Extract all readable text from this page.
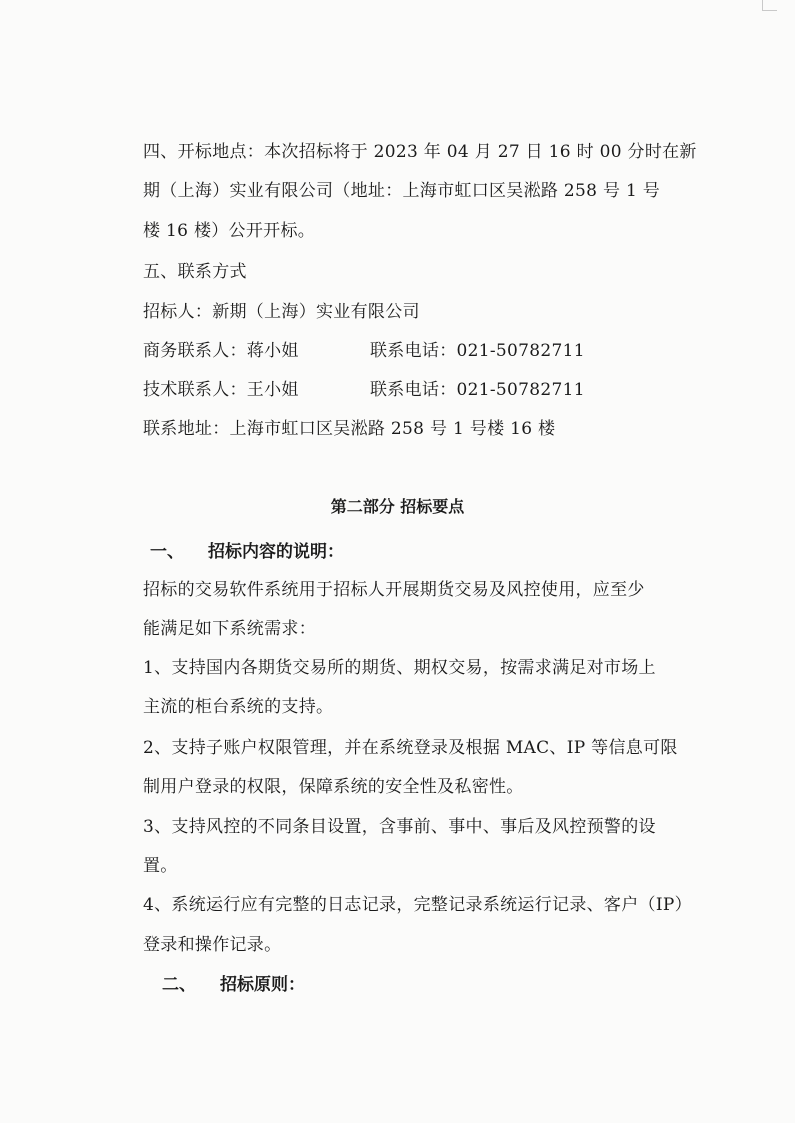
四、开标地点：本次招标将于 2023 年 04 月 27 日 16 时 00 分时在新

期（上海）实业有限公司（地址：上海市虹口区吴淞路 258 号 1 号

楼 16 楼）公开开标。

五、联系方式

招标人：新期（上海）实业有限公司

商务联系人：蒋小姐	联系电话：021-50782711

技术联系人：王小姐	联系电话：021-50782711

联系地址：上海市虹口区吴淞路 258 号 1 号楼 16 楼

第二部分 招标要点

一、 招标内容的说明：

招标的交易软件系统用于招标人开展期货交易及风控使用，应至少

能满足如下系统需求：

1、支持国内各期货交易所的期货、期权交易，按需求满足对市场上

主流的柜台系统的支持。

2、支持子账户权限管理，并在系统登录及根据 MAC、IP 等信息可限

制用户登录的权限，保障系统的安全性及私密性。

3、支持风控的不同条目设置，含事前、事中、事后及风控预警的设

置。

4、系统运行应有完整的日志记录，完整记录系统运行记录、客户（IP）

登录和操作记录。

二、 招标原则：
